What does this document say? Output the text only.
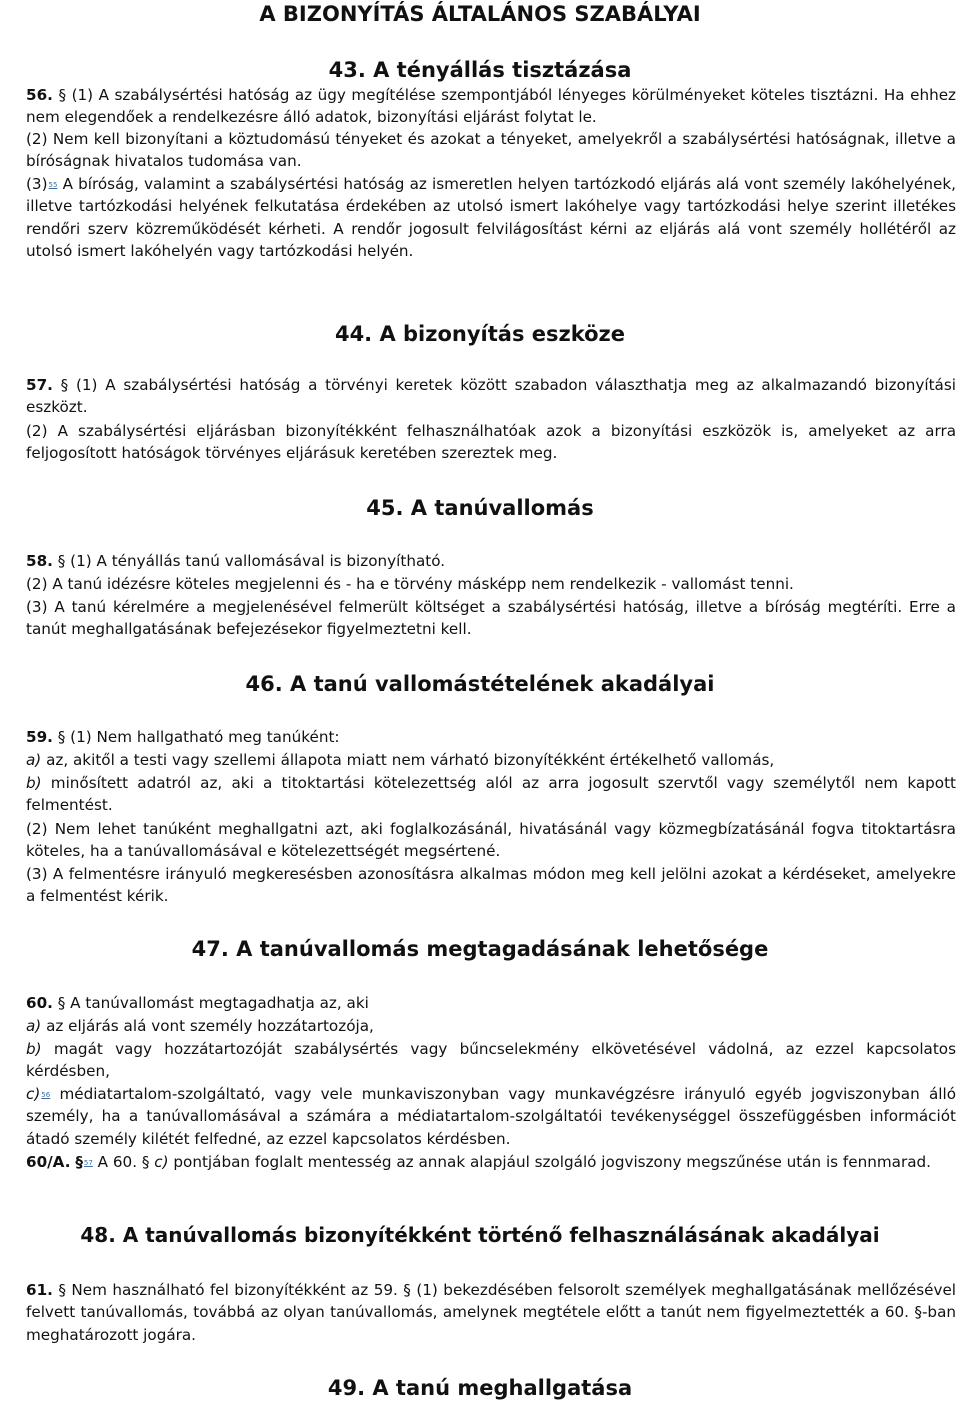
A BIZONYÍTÁS ÁLTALÁNOS SZABÁLYAI
43. A tényállás tisztázása

56. § (1) A szabálysértési hatóság az ügy megítélése szempontjából lényeges körülményeket köteles tisztázni. Ha ehhez nem elegendőek a rendelkezésre álló adatok, bizonyítási eljárást folytat le.

(2) Nem kell bizonyítani a köztudomású tényeket és azokat a tényeket, amelyekről a szabálysértési hatóságnak, illetve a bíróságnak hivatalos tudomása van.

$(3)^{55}$ A bíróság, valamint a szabálysértési hatóság az ismeretlen helyen tartózkodó eljárás alá vont személy lakóhelyének, illetve tartózkodási helyének felkutatása érdekében az utolsó ismert lakóhelye vagy tartózkodási helye szerint illetékes rendőri szerv közreműködését kérheti. A rendőr jogosult felvilágosítást kérni az eljárás alá vont személy hollétéről az utolsó ismert lakóhelyén vagy tartózkodási helyén.

44. A bizonyítás eszköze

57. § (1) A szabálysértési hatóság a törvényi keretek között szabadon választhatja meg az alkalmazandó bizonyítási eszközt.

(2) A szabálysértési eljárásban bizonyítékként felhasználhatóak azok a bizonyítási eszközök is, amelyeket az arra feljogosított hatóságok törvényes eljárásuk keretében szereztek meg.

45. A tanúvallomás

58. § (1) A tényállás tanú vallomásával is bizonyítható.

(2) A tanú idézésre köteles megjelenni és - ha e törvény másképp nem rendelkezik - vallomást tenni.

(3) A tanú kérelmére a megjelenésével felmerült költséget a szabálysértési hatóság, illetve a bíróság megtéríti. Erre a tanút meghallgatásának befejezésekor figyelmeztetni kell.

46. A tanú vallomástételének akadályai

59. § (1) Nem hallgatható meg tanúként:

a) az, akitől a testi vagy szellemi állapota miatt nem várható bizonyítékként értékelhető vallomás,

b) minősített adatról az, aki a titoktartási kötelezettség alól az arra jogosult szervtől vagy személytől nem kapott felmentést.

(2) Nem lehet tanúként meghallgatni azt, aki foglalkozásánál, hivatásánál vagy közmegbízatásánál fogva titoktartásra köteles, ha a tanúvallomásával e kötelezettségét megsértené.

(3) A felmentésre irányuló megkeresésben azonosításra alkalmas módon meg kell jelölni azokat a kérdéseket, amelyekre a felmentést kérik.

47. A tanúvallomás megtagadásának lehetősége

60. § A tanúvallomást megtagadhatja az, aki

a) az eljárás alá vont személy hozzátartozója,

b) magát vagy hozzátartozóját szabálysértés vagy bűncselekmény elkövetésével vádolná, az ezzel kapcsolatos kérdésben,

c)$^{56}$ médiatartalom-szolgáltató, vagy vele munkaviszonyban vagy munkavégzésre irányuló egyéb jogviszonyban álló személy, ha a tanúvallomásával a számára a médiatartalom-szolgáltatói tevékenységgel összefüggésben információt átadó személy kilétét felfedné, az ezzel kapcsolatos kérdésben.

60/A. §$^{57}$ A 60. § c) pontjában foglalt mentesség az annak alapjául szolgáló jogviszony megszűnése után is fennmarad.

48. A tanúvallomás bizonyítékként történő felhasználásának akadályai

61. § Nem használható fel bizonyítékként az 59. § (1) bekezdésében felsorolt személyek meghallgatásának mellőzésével felvett tanúvallomás, továbbá az olyan tanúvallomás, amelynek megtétele előtt a tanút nem figyelmeztették a 60. §-ban meghatározott jogára.

49. A tanú meghallgatása
